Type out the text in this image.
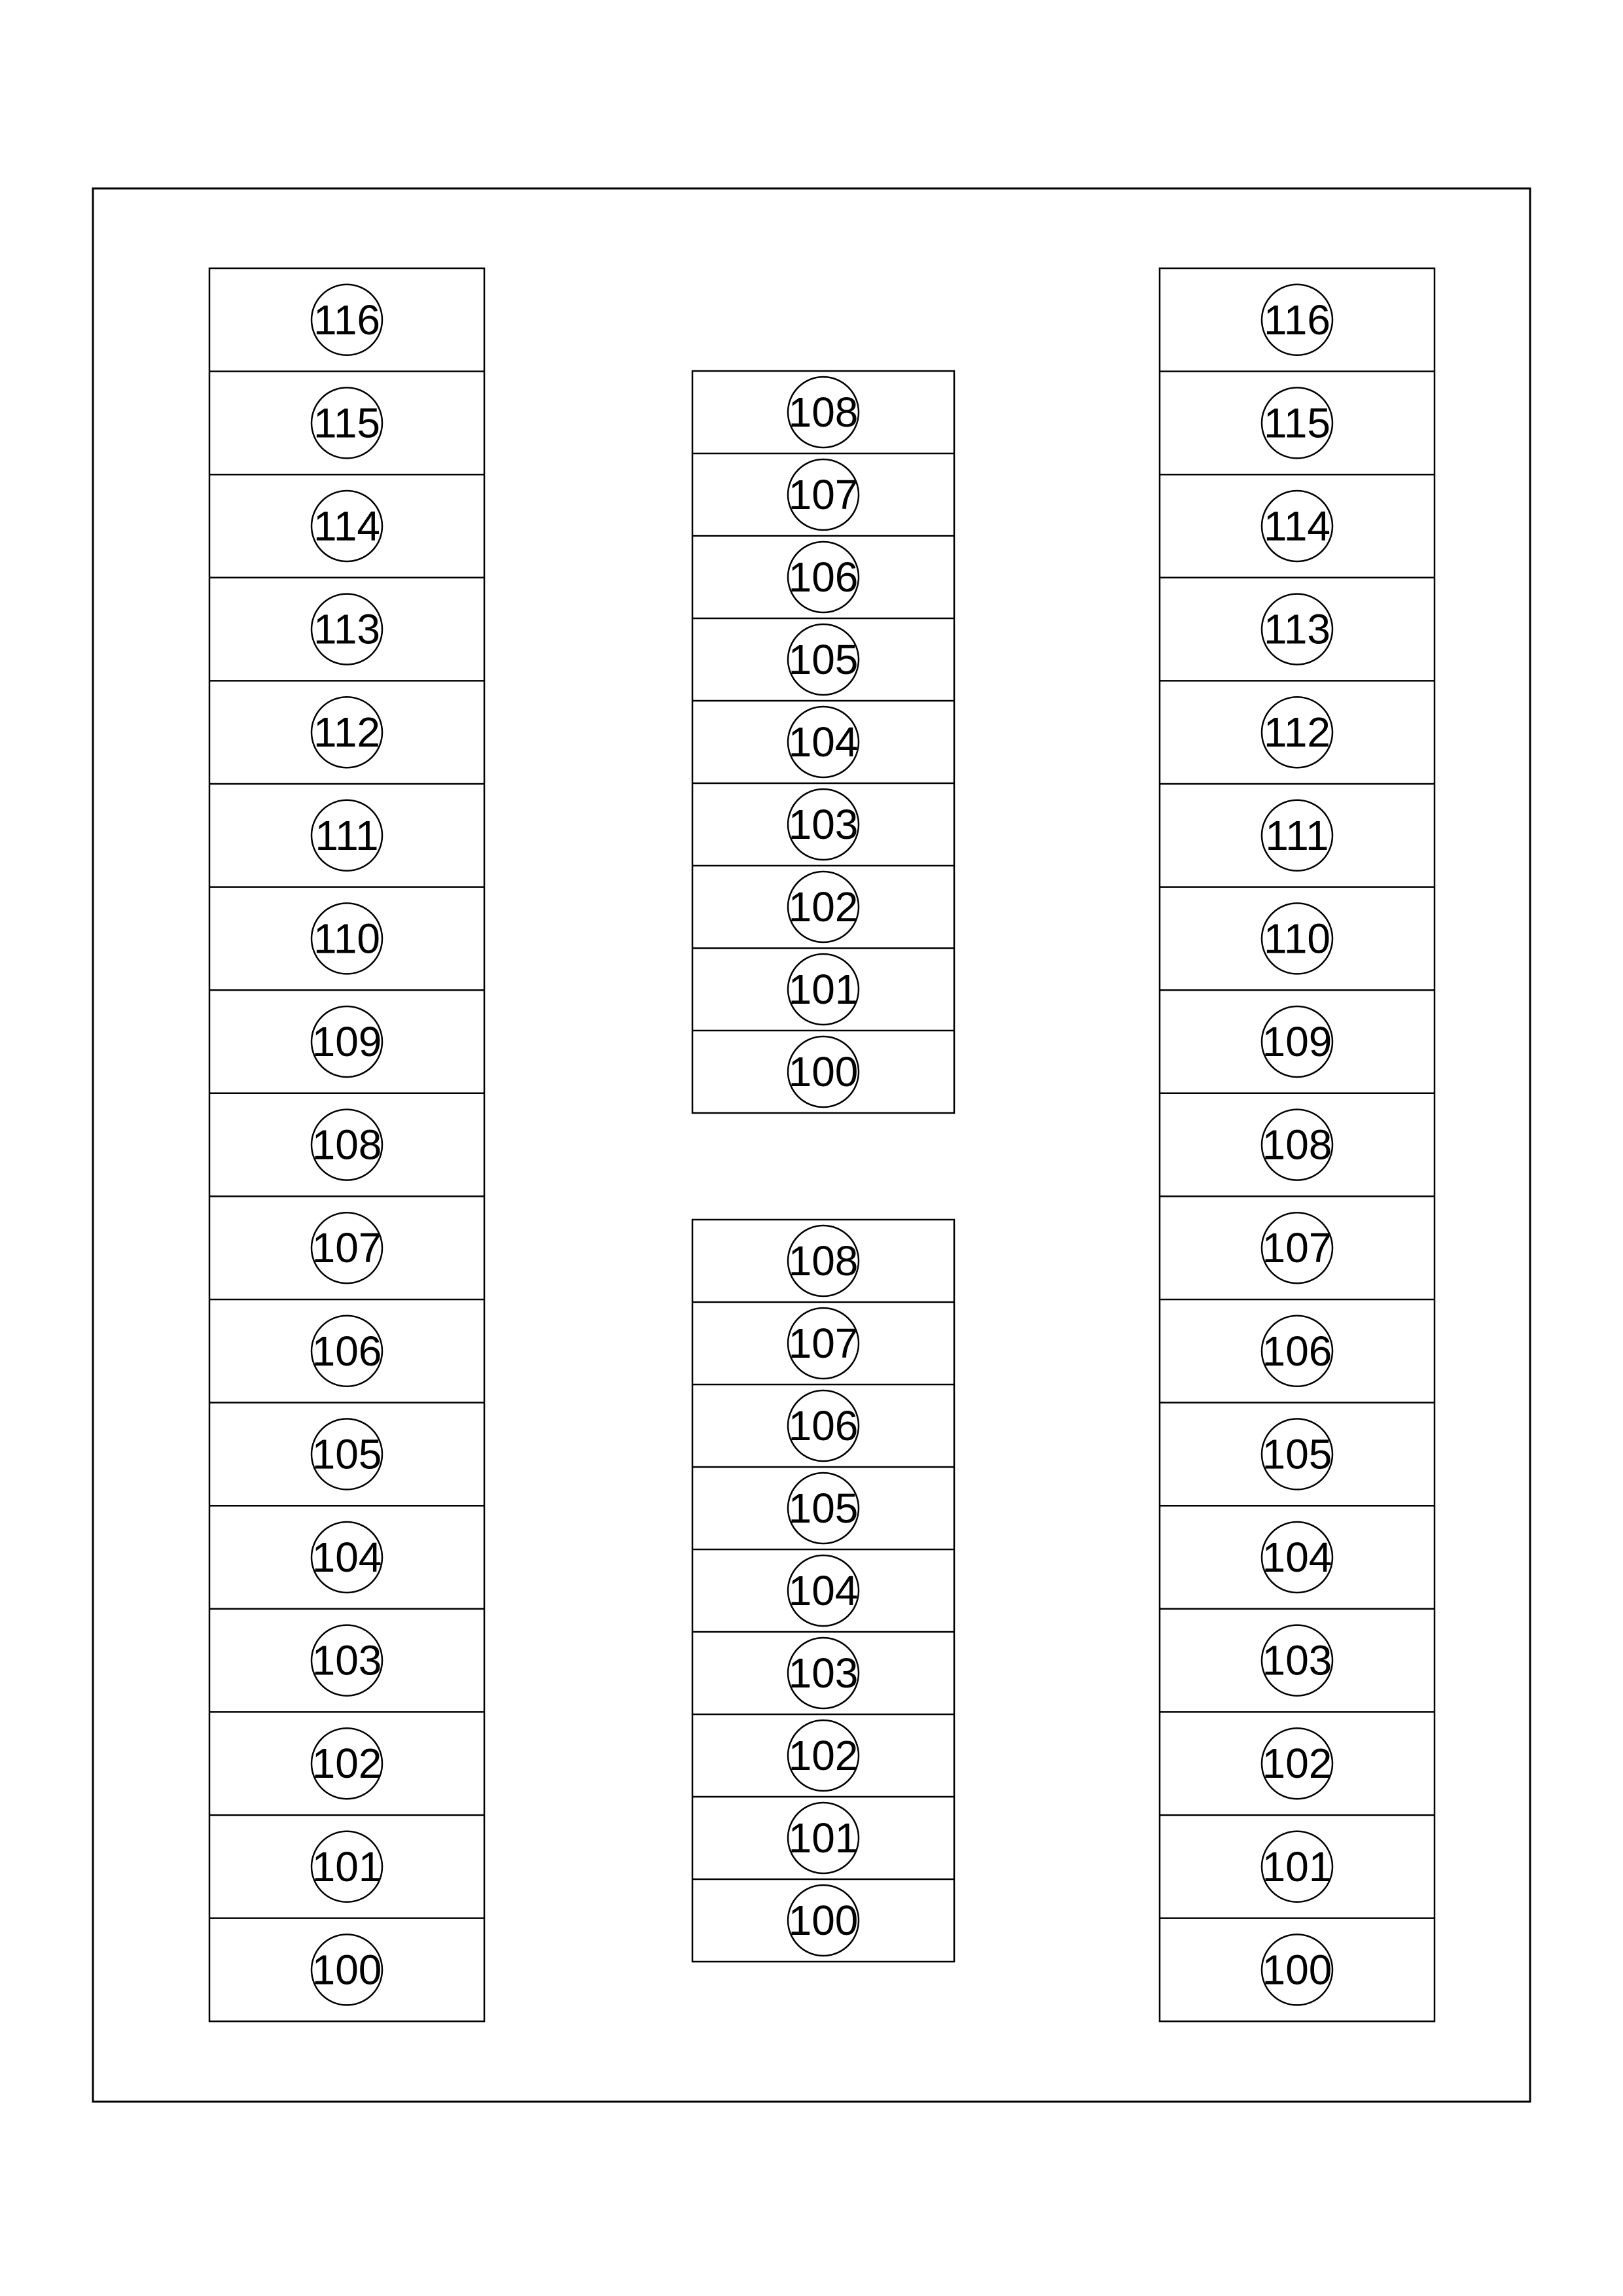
116
115
114
113
112
111
110
109
108
107
106
105
104
103
102
101
100
108
107
106
105
104
103
102
101
100
108
107
106
105
104
103
102
101
100
116
115
114
113
112
111
110
109
108
107
106
105
104
103
102
101
100
